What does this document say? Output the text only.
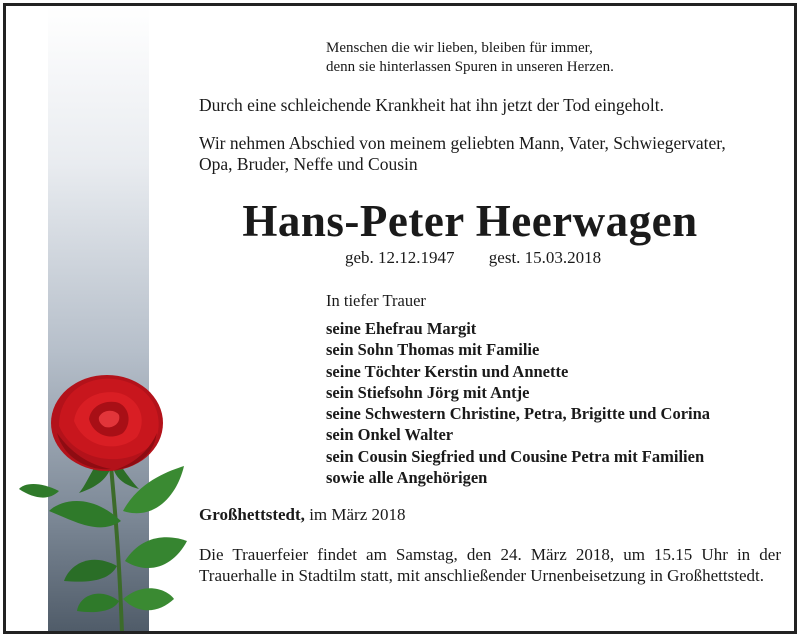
Menschen die wir lieben, bleiben für immer,
denn sie hinterlassen Spuren in unseren Herzen.
Durch eine schleichende Krankheit hat ihn jetzt der Tod eingeholt.
Wir nehmen Abschied von meinem geliebten Mann, Vater, Schwiegervater,
Opa, Bruder, Neffe und Cousin
Hans-Peter Heerwagen
geb. 12.12.1947 gest. 15.03.2018
In tiefer Trauer
seine Ehefrau Margit
sein Sohn Thomas mit Familie
seine Töchter Kerstin und Annette
sein Stiefsohn Jörg mit Antje
seine Schwestern Christine, Petra, Brigitte und Corina
sein Onkel Walter
sein Cousin Siegfried und Cousine Petra mit Familien
sowie alle Angehörigen
Großhettstedt, im März 2018
Die Trauerfeier findet am Samstag, den 24. März 2018, um 15.15 Uhr in der Trauerhalle in Stadtilm statt, mit anschließender Urnenbeisetzung in Großhettstedt.
